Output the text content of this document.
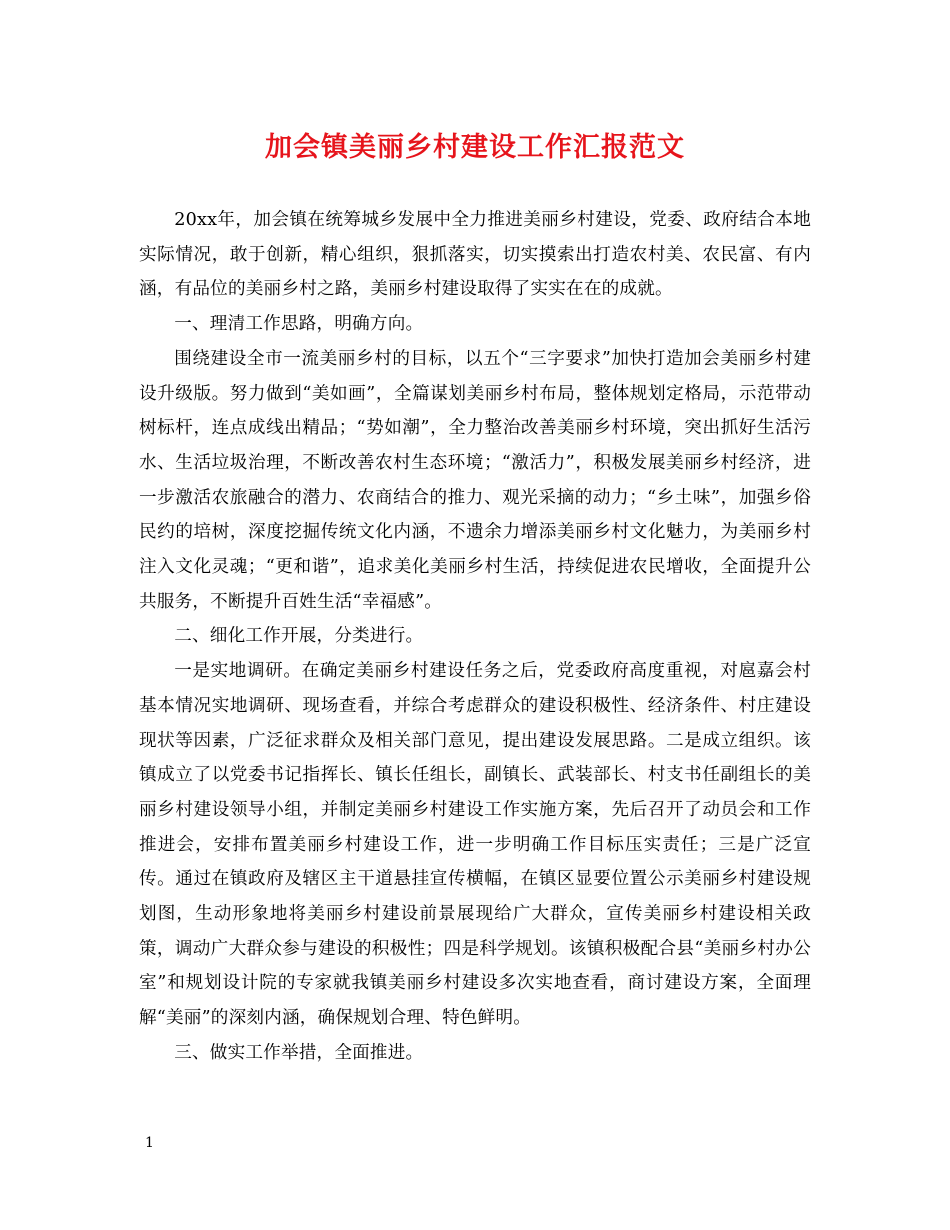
加会镇美丽乡村建设工作汇报范文

20xx年，加会镇在统筹城乡发展中全力推进美丽乡村建设，党委、政府结合本地实际情况，敢于创新，精心组织，狠抓落实，切实摸索出打造农村美、农民富、有内涵，有品位的美丽乡村之路，美丽乡村建设取得了实实在在的成就。

一、理清工作思路，明确方向。

围绕建设全市一流美丽乡村的目标，以五个“三字要求”加快打造加会美丽乡村建设升级版。努力做到“美如画”，全篇谋划美丽乡村布局，整体规划定格局，示范带动树标杆，连点成线出精品；“势如潮”，全力整治改善美丽乡村环境，突出抓好生活污水、生活垃圾治理，不断改善农村生态环境；“激活力”，积极发展美丽乡村经济，进一步激活农旅融合的潜力、农商结合的推力、观光采摘的动力；“乡土味”，加强乡俗民约的培树，深度挖掘传统文化内涵，不遗余力增添美丽乡村文化魅力，为美丽乡村注入文化灵魂；“更和谐”，追求美化美丽乡村生活，持续促进农民增收，全面提升公共服务，不断提升百姓生活“幸福感”。

二、细化工作开展，分类进行。

一是实地调研。在确定美丽乡村建设任务之后，党委政府高度重视，对扈嘉会村基本情况实地调研、现场查看，并综合考虑群众的建设积极性、经济条件、村庄建设现状等因素，广泛征求群众及相关部门意见，提出建设发展思路。二是成立组织。该镇成立了以党委书记指挥长、镇长任组长，副镇长、武装部长、村支书任副组长的美丽乡村建设领导小组，并制定美丽乡村建设工作实施方案，先后召开了动员会和工作推进会，安排布置美丽乡村建设工作，进一步明确工作目标压实责任；三是广泛宣传。通过在镇政府及辖区主干道悬挂宣传横幅，在镇区显要位置公示美丽乡村建设规划图，生动形象地将美丽乡村建设前景展现给广大群众，宣传美丽乡村建设相关政策，调动广大群众参与建设的积极性；四是科学规划。该镇积极配合县“美丽乡村办公室”和规划设计院的专家就我镇美丽乡村建设多次实地查看，商讨建设方案，全面理解“美丽”的深刻内涵，确保规划合理、特色鲜明。

三、做实工作举措，全面推进。

1
